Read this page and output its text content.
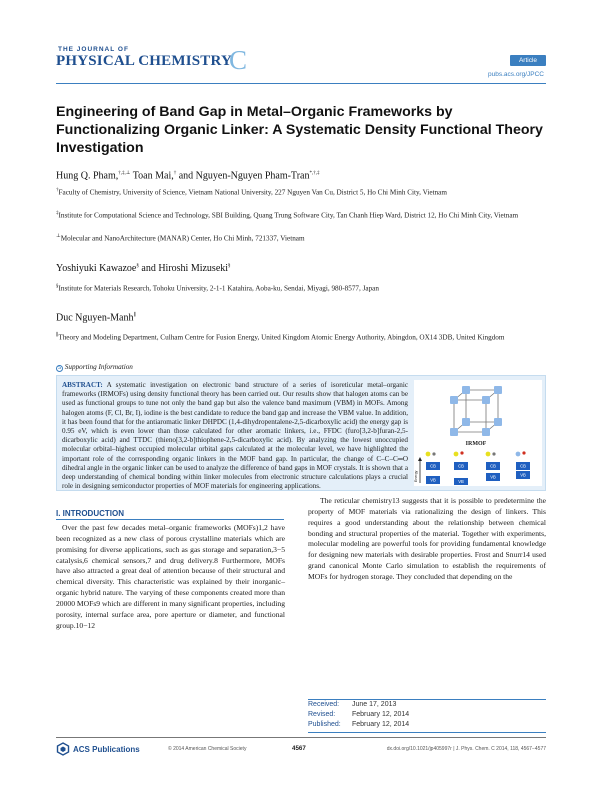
THE JOURNAL OF
PHYSICAL CHEMISTRY
C	Article
pubs.acs.org/JPCC
Engineering of Band Gap in Metal–Organic Frameworks by Functionalizing Organic Linker: A Systematic Density Functional Theory Investigation
Hung Q. Pham,†,‡,⊥ Toan Mai,† and Nguyen-Nguyen Pham-Tran*,†,‡
†Faculty of Chemistry, University of Science, Vietnam National University, 227 Nguyen Van Cu, District 5, Ho Chi Minh City, Vietnam
‡Institute for Computational Science and Technology, SBI Building, Quang Trung Software City, Tan Chanh Hiep Ward, District 12, Ho Chi Minh City, Vietnam
⊥Molecular and NanoArchitecture (MANAR) Center, Ho Chi Minh, 721337, Vietnam
Yoshiyuki Kawazoe§ and Hiroshi Mizuseki§
§Institute for Materials Research, Tohoku University, 2-1-1 Katahira, Aoba-ku, Sendai, Miyagi, 980-8577, Japan
Duc Nguyen-Manh∥
∥Theory and Modeling Department, Culham Centre for Fusion Energy, United Kingdom Atomic Energy Authority, Abingdon, OX14 3DB, United Kingdom
S Supporting Information
ABSTRACT: A systematic investigation on electronic band structure of a series of isoreticular metal–organic frameworks (IRMOFs) using density functional theory has been carried out. Our results show that halogen atoms can be used as functional groups to tune not only the band gap but also the valence band maximum (VBM) in MOFs. Among halogen atoms (F, Cl, Br, I), iodine is the best candidate to reduce the band gap and increase the VBM value. In addition, it has been found that for the antiaromatic linker DHPDC (1,4-dihydropentalene-2,5-dicarboxylic acid) the energy gap is 0.95 eV, which is even lower than those calculated for other aromatic linkers, i.e., FFDC (furo[3,2-b]furan-2,5-dicarboxylic acid) and TTDC (thieno[3,2-b]thiophene-2,5-dicarboxylic acid). By analyzing the lowest unoccupied molecular orbital–highest occupied molecular orbital gaps calculated at the molecular level, we have highlighted the important role of the corresponding organic linkers in the MOF band gap. In particular, the change of C–C–C═O dihedral angle in the organic linker can be used to analyze the difference of band gaps in MOF crystals. It is shown that a deep understanding of chemical bonding within linker molecules from electronic structure calculations plays a crucial role in designing semiconductor properties of MOF materials for engineering applications.
IRMOF
Energy
CB
VB
CB
VB
CB
VB
CB
VB
I. INTRODUCTION

Over the past few decades metal–organic frameworks (MOFs)1,2 have been recognized as a new class of porous crystalline materials which are promising for diverse applications, such as gas storage and separation,3−5 catalysis,6 chemical sensors,7 and drug delivery.8 Furthermore, MOFs have also attracted a great deal of attention because of their structural and chemical diversity. This characteristic was explained by their inorganic–organic hybrid nature. The varying of these components created more than 20000 MOFs9 which are different in many significant properties, including porosity, internal surface area, pore aperture or diameter, and functional group.10−12

The reticular chemistry13 suggests that it is possible to predetermine the property of MOF materials via rationalizing the design of linkers. This requires a good understanding about the relationship between chemical bonding and structural properties of the material. Together with experiments, molecular modeling are powerful tools for providing fundamental knowledge for designing new materials with desirable properties. Frost and Snurr14 used grand canonical Monte Carlo simulation to establish the requirements of MOFs for hydrogen storage. They concluded that depending on the

Received:	June 17, 2013
Revised:	February 12, 2014
Published:	February 12, 2014
ACS Publications	© 2014 American Chemical Society	4567	dx.doi.org/10.1021/jp405997r | J. Phys. Chem. C 2014, 118, 4567−4577
